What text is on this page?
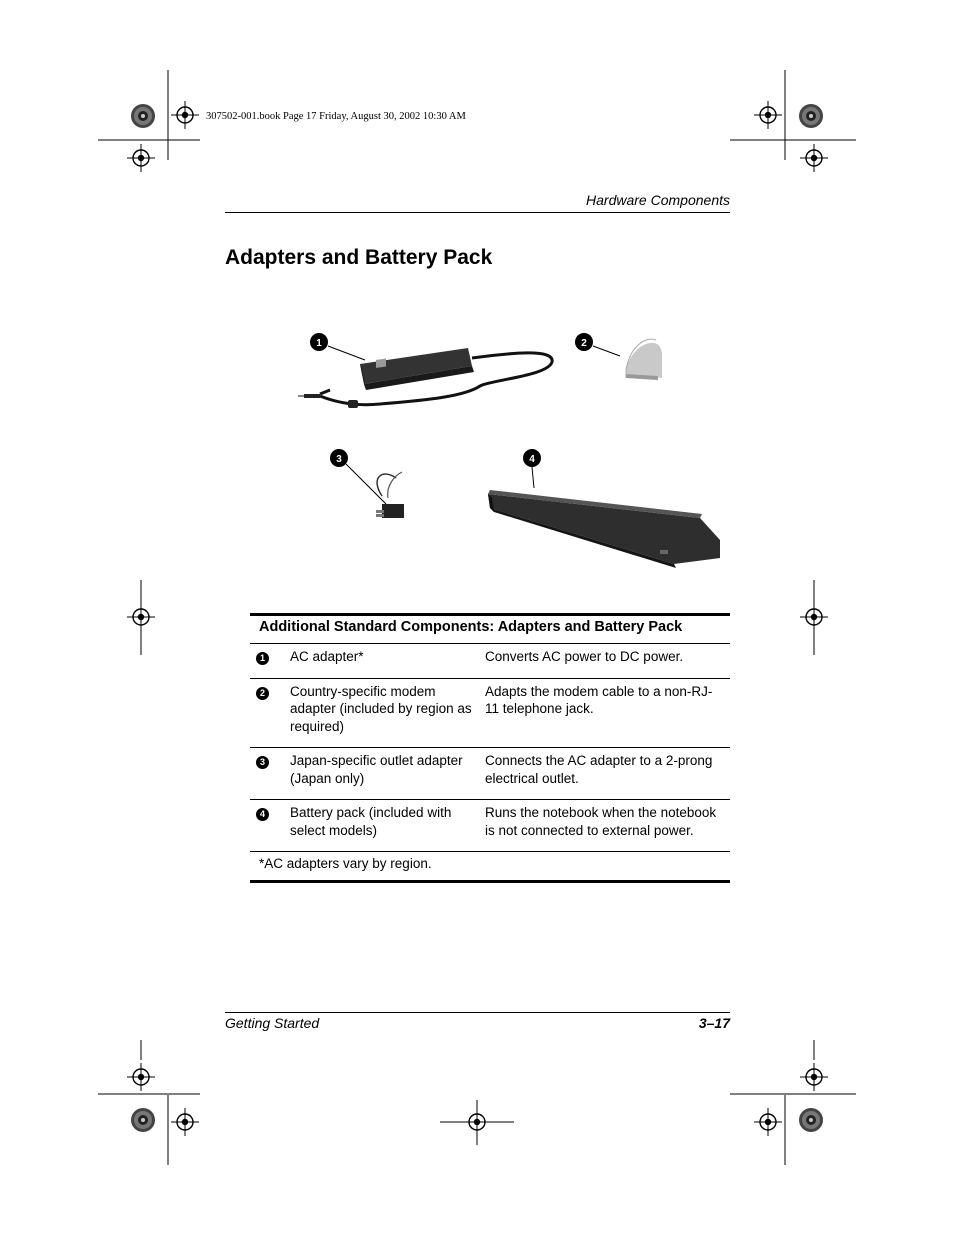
307502-001.book Page 17 Friday, August 30, 2002 10:30 AM
Hardware Components
Adapters and Battery Pack
1	2
3	4
Additional Standard Components: Adapters and Battery Pack		
1	AC adapter*	Converts AC power to DC power.
2	Country-specific modem adapter (included by region as required)	Adapts the modem cable to a non-RJ-11 telephone jack.
3	Japan-specific outlet adapter (Japan only)	Connects the AC adapter to a 2-prong electrical outlet.
4	Battery pack (included with select models)	Runs the notebook when the notebook is not connected to external power.
*AC adapters vary by region.		
Getting Started	3–17
